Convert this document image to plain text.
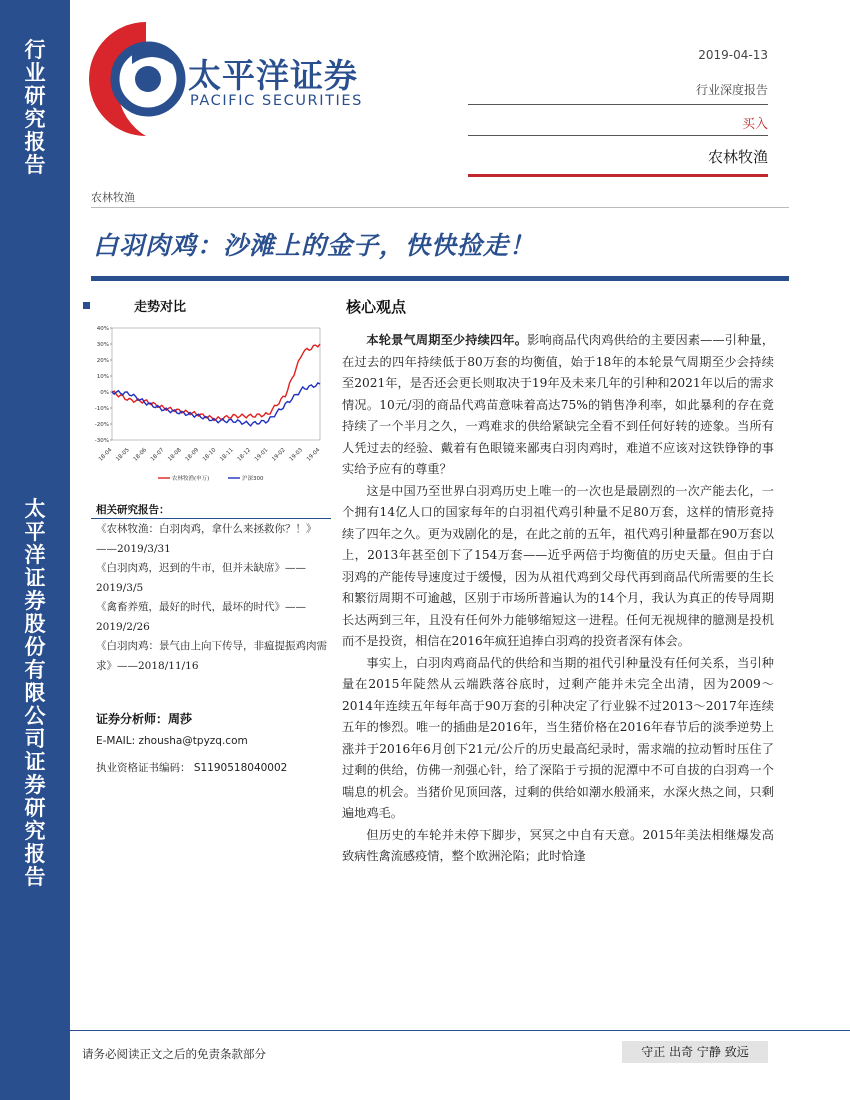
行
业
研
究
报
告
太
平
洋
证
券
股
份
有
限
公
司
证
券
研
究
报
告
太平洋证券
PACIFIC SECURITIES
2019-04-13
行业深度报告
买入
农林牧渔
农林牧渔
白羽肉鸡：沙滩上的金子，快快捡走！
走势对比
40%
30%
20%
10%
0%
-10%
-20%
-30%
18-04 18-05 18-06 18-07 18-08 18-09 18-10 18-11 18-12 19-01 19-02 19-03 19-04
农林牧渔(申万)	沪深300
相关研究报告：
《农林牧渔：白羽肉鸡，拿什么来拯救你？！》——2019/3/31
《白羽肉鸡，迟到的牛市，但并未缺席》——2019/3/5
《禽畜养殖，最好的时代，最坏的时代》——2019/2/26
《白羽肉鸡：景气由上向下传导，非瘟提振鸡肉需求》——2018/11/16
证券分析师：周莎
E-MAIL: zhousha@tpyzq.com
执业资格证书编码： S1190518040002
核心观点

本轮景气周期至少持续四年。影响商品代肉鸡供给的主要因素——引种量，在过去的四年持续低于80万套的均衡值，始于18年的本轮景气周期至少会持续至2021年，是否还会更长则取决于19年及未来几年的引种和2021年以后的需求情况。10元/羽的商品代鸡苗意味着高达75%的销售净利率，如此暴利的存在竟持续了一个半月之久，一鸡难求的供给紧缺完全看不到任何好转的迹象。当所有人凭过去的经验、戴着有色眼镜来鄙夷白羽肉鸡时，难道不应该对这铁铮铮的事实给予应有的尊重？

这是中国乃至世界白羽鸡历史上唯一的一次也是最剧烈的一次产能去化，一个拥有14亿人口的国家每年的白羽祖代鸡引种量不足80万套，这样的情形竟持续了四年之久。更为戏剧化的是，在此之前的五年，祖代鸡引种量都在90万套以上，2013年甚至创下了154万套——近乎两倍于均衡值的历史天量。但由于白羽鸡的产能传导速度过于缓慢，因为从祖代鸡到父母代再到商品代所需要的生长和繁衍周期不可逾越，区别于市场所普遍认为的14个月，我认为真正的传导周期长达两到三年，且没有任何外力能够缩短这一进程。任何无视规律的臆测是投机而不是投资，相信在2016年疯狂追捧白羽鸡的投资者深有体会。

事实上，白羽肉鸡商品代的供给和当期的祖代引种量没有任何关系，当引种量在2015年陡然从云端跌落谷底时，过剩产能并未完全出清，因为2009～2014年连续五年每年高于90万套的引种决定了行业躲不过2013～2017年连续五年的惨烈。唯一的插曲是2016年，当生猪价格在2016年春节后的淡季逆势上涨并于2016年6月创下21元/公斤的历史最高纪录时，需求端的拉动暂时压住了过剩的供给，仿佛一剂强心针，给了深陷于亏损的泥潭中不可自拔的白羽鸡一个喘息的机会。当猪价见顶回落，过剩的供给如潮水般涌来，水深火热之间，只剩遍地鸡毛。

但历史的车轮并未停下脚步，冥冥之中自有天意。2015年美法相继爆发高致病性禽流感疫情，整个欧洲沦陷；此时恰逢

请务必阅读正文之后的免责条款部分	守正 出奇 宁静 致远
